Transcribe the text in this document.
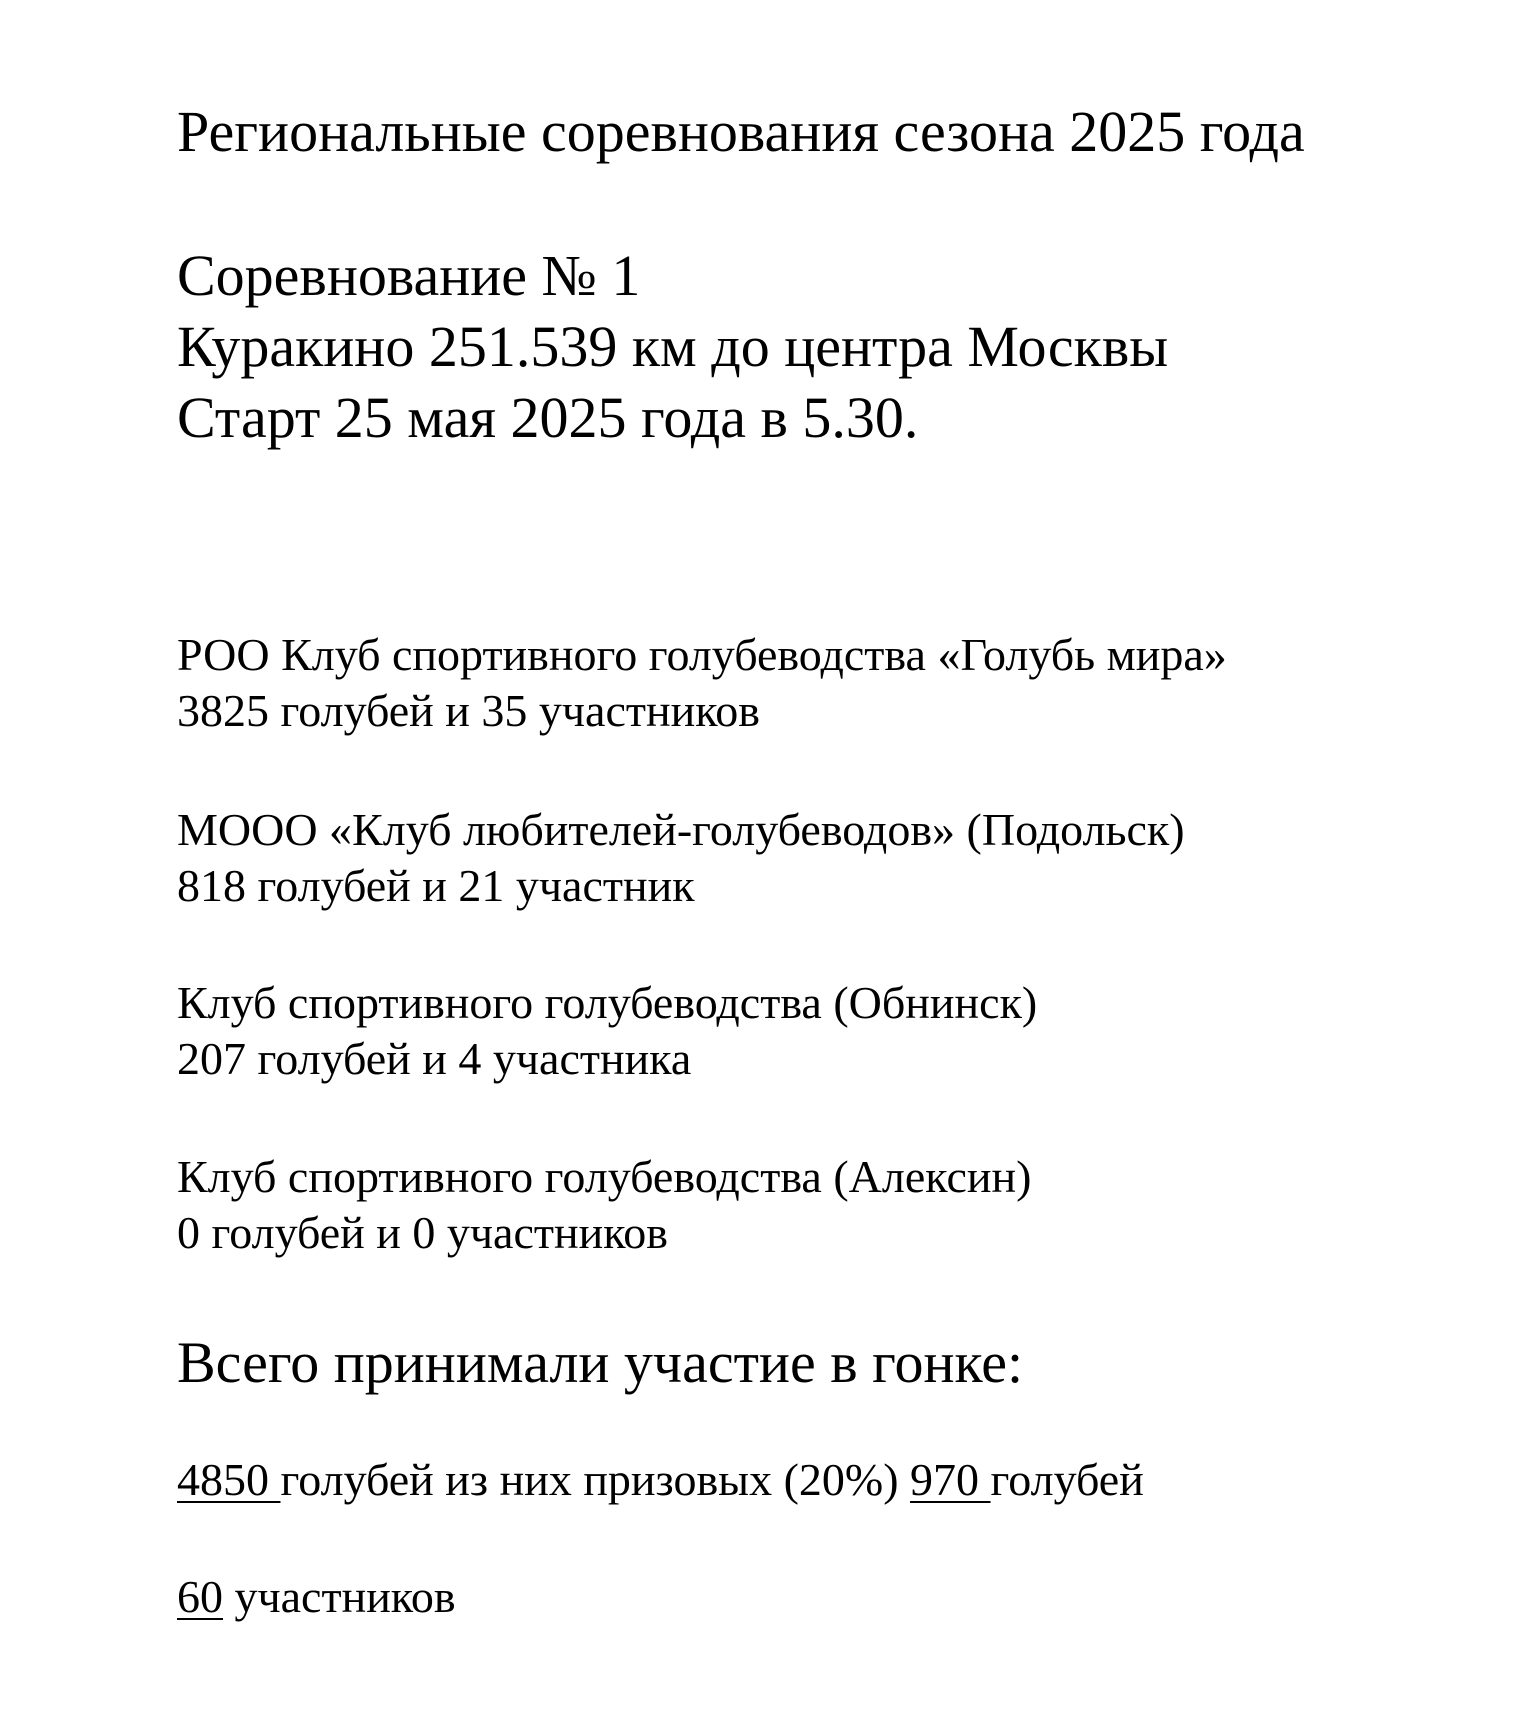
Региональные соревнования сезона 2025 года

Соревнование № 1

Куракино 251.539 км до центра Москвы

Старт 25 мая 2025 года в 5.30.

РОО Клуб спортивного голубеводства «Голубь мира»

3825 голубей и 35 участников

МООО «Клуб любителей-голубеводов» (Подольск)

818 голубей и 21 участник

Клуб спортивного голубеводства (Обнинск)

207 голубей и 4 участника

Клуб спортивного голубеводства (Алексин)

0 голубей и 0 участников

Всего принимали участие в гонке:

4850 голубей из них призовых (20%) 970 голубей

60 участников
